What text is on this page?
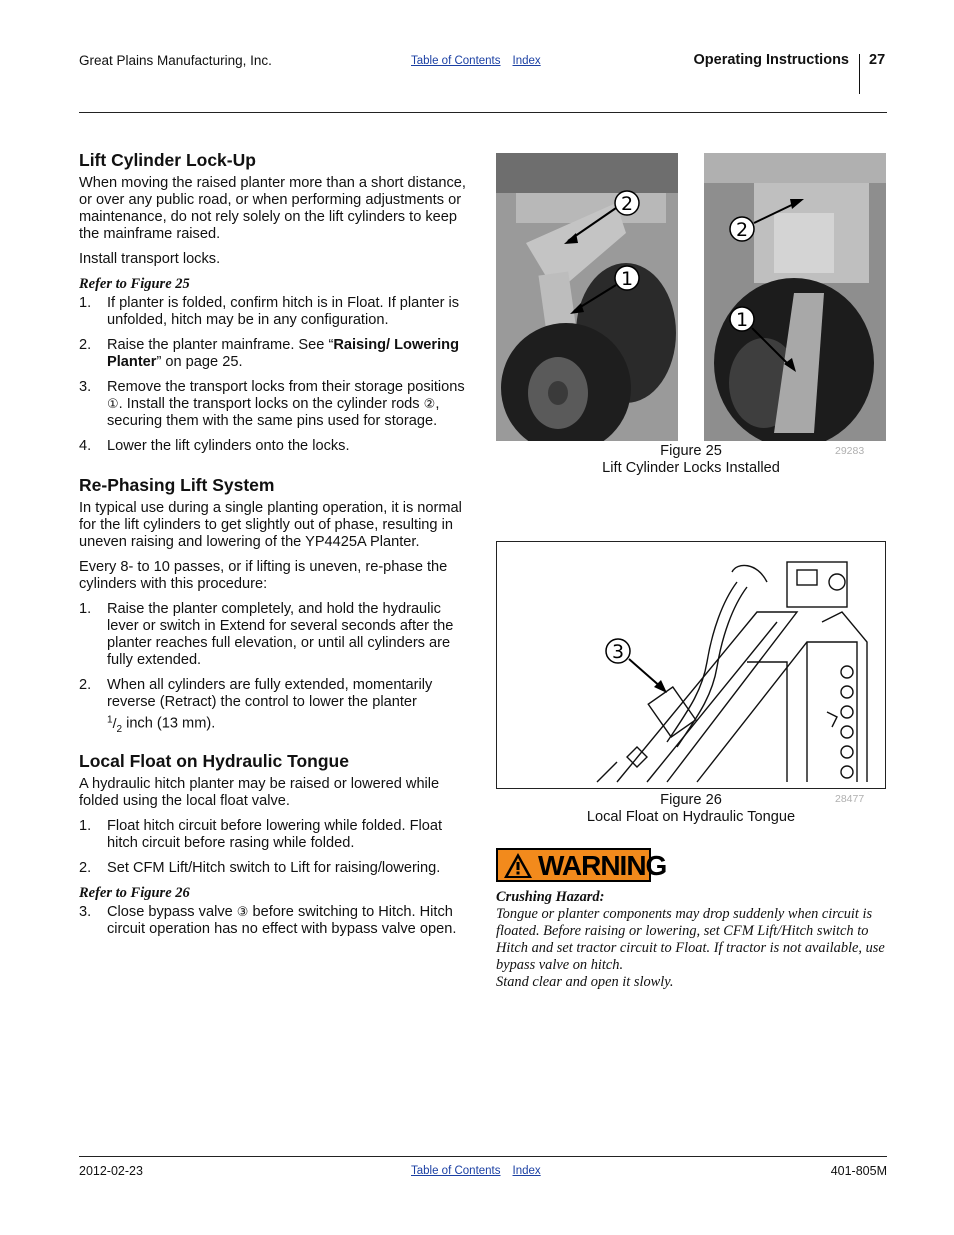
Great Plains Manufacturing, Inc.	Table of Contents Index	Operating Instructions 27
Lift Cylinder Lock-Up

When moving the raised planter more than a short distance, or over any public road, or when performing adjustments or maintenance, do not rely solely on the lift cylinders to keep the mainframe raised.

Install transport locks.

Refer to Figure 25
1. If planter is folded, confirm hitch is in Float. If planter is unfolded, hitch may be in any configuration.
2. Raise the planter mainframe. See “Raising/ Lowering Planter” on page 25.
3. Remove the transport locks from their storage positions ①. Install the transport locks on the cylinder rods ②, securing them with the same pins used for storage.
4. Lower the lift cylinders onto the locks.
Re-Phasing Lift System

In typical use during a single planting operation, it is normal for the lift cylinders to get slightly out of phase, resulting in uneven raising and lowering of the YP4425A Planter.

Every 8- to 10 passes, or if lifting is uneven, re-phase the cylinders with this procedure:

1. Raise the planter completely, and hold the hydraulic lever or switch in Extend for several seconds after the planter reaches full elevation, or until all cylinders are fully extended.
2. When all cylinders are fully extended, momentarily reverse (Retract) the control to lower the planter
$^1/_2$ inch (13 mm).
Local Float on Hydraulic Tongue

A hydraulic hitch planter may be raised or lowered while folded using the local float valve.

1. Float hitch circuit before lowering while folded. Float hitch circuit before rasing while folded.
2. Set CFM Lift/Hitch switch to Lift for raising/lowering.
Refer to Figure 26
3. Close bypass valve ③ before switching to Hitch. Hitch circuit operation has no effect with bypass valve open.
2
1
2
1
Figure 25
Lift Cylinder Locks Installed
29283
3
Figure 26
Local Float on Hydraulic Tongue
28477
WARNING
Crushing Hazard:
Tongue or planter components may drop suddenly when circuit is floated. Before raising or lowering, set CFM Lift/Hitch switch to Hitch and set tractor circuit to Float. If tractor is not available, use bypass valve on hitch.
Stand clear and open it slowly.
2012-02-23	Table of Contents Index	401-805M
